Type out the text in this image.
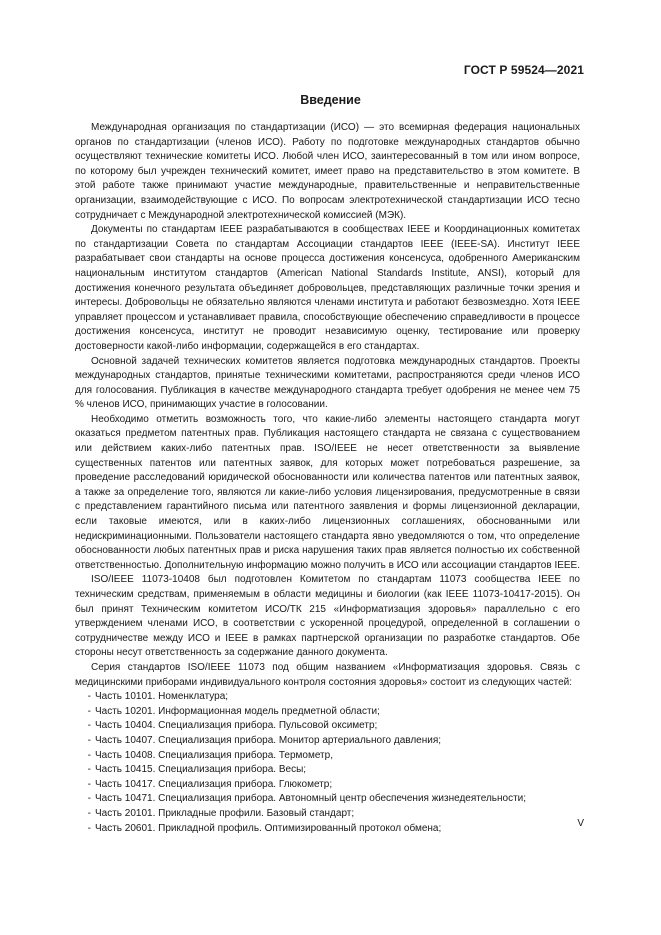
ГОСТ Р 59524—2021
Введение

Международная организация по стандартизации (ИСО) — это всемирная федерация национальных органов по стандартизации (членов ИСО). Работу по подготовке международных стандартов обычно осуществляют технические комитеты ИСО. Любой член ИСО, заинтересованный в том или ином вопросе, по которому был учрежден технический комитет, имеет право на представительство в этом комитете. В этой работе также принимают участие международные, правительственные и неправительственные организации, взаимодействующие с ИСО. По вопросам электротехнической стандартизации ИСО тесно сотрудничает с Международной электротехнической комиссией (МЭК).

Документы по стандартам IEEE разрабатываются в сообществах IEEE и Координационных комитетах по стандартизации Совета по стандартам Ассоциации стандартов IEEE (IEEE-SA). Институт IEEE разрабатывает свои стандарты на основе процесса достижения консенсуса, одобренного Американским национальным институтом стандартов (American National Standards Institute, ANSI), который для достижения конечного результата объединяет добровольцев, представляющих различные точки зрения и интересы. Добровольцы не обязательно являются членами института и работают безвозмездно. Хотя IEEE управляет процессом и устанавливает правила, способствующие обеспечению справедливости в процессе достижения консенсуса, институт не проводит независимую оценку, тестирование или проверку достоверности какой-либо информации, содержащейся в его стандартах.

Основной задачей технических комитетов является подготовка международных стандартов. Проекты международных стандартов, принятые техническими комитетами, распространяются среди членов ИСО для голосования. Публикация в качестве международного стандарта требует одобрения не менее чем 75 % членов ИСО, принимающих участие в голосовании.

Необходимо отметить возможность того, что какие-либо элементы настоящего стандарта могут оказаться предметом патентных прав. Публикация настоящего стандарта не связана с существованием или действием каких-либо патентных прав. ISO/IEEE не несет ответственности за выявление существенных патентов или патентных заявок, для которых может потребоваться разрешение, за проведение расследований юридической обоснованности или количества патентов или патентных заявок, а также за определение того, являются ли какие-либо условия лицензирования, предусмотренные в связи с представлением гарантийного письма или патентного заявления и формы лицензионной декларации, если таковые имеются, или в каких-либо лицензионных соглашениях, обоснованными или недискриминационными. Пользователи настоящего стандарта явно уведомляются о том, что определение обоснованности любых патентных прав и риска нарушения таких прав является полностью их собственной ответственностью. Дополнительную информацию можно получить в ИСО или ассоциации стандартов IEEE.

ISO/IEEE 11073-10408 был подготовлен Комитетом по стандартам 11073 сообщества IEEE по техническим средствам, применяемым в области медицины и биологии (как IEEE 11073-10417-2015). Он был принят Техническим комитетом ИСО/ТК 215 «Информатизация здоровья» параллельно с его утверждением членами ИСО, в соответствии с ускоренной процедурой, определенной в соглашении о сотрудничестве между ИСО и IEEE в рамках партнерской организации по разработке стандартов. Обе стороны несут ответственность за содержание данного документа.

Серия стандартов ISO/IEEE 11073 под общим названием «Информатизация здоровья. Связь с медицинскими приборами индивидуального контроля состояния здоровья» состоит из следующих частей:

- Часть 10101. Номенклатура;
- Часть 10201. Информационная модель предметной области;
- Часть 10404. Специализация прибора. Пульсовой оксиметр;
- Часть 10407. Специализация прибора. Монитор артериального давления;
- Часть 10408. Специализация прибора. Термометр,
- Часть 10415. Специализация прибора. Весы;
- Часть 10417. Специализация прибора. Глюкометр;
- Часть 10471. Специализация прибора. Автономный центр обеспечения жизнедеятельности;
- Часть 20101. Прикладные профили. Базовый стандарт;
- Часть 20601. Прикладной профиль. Оптимизированный протокол обмена;	V
